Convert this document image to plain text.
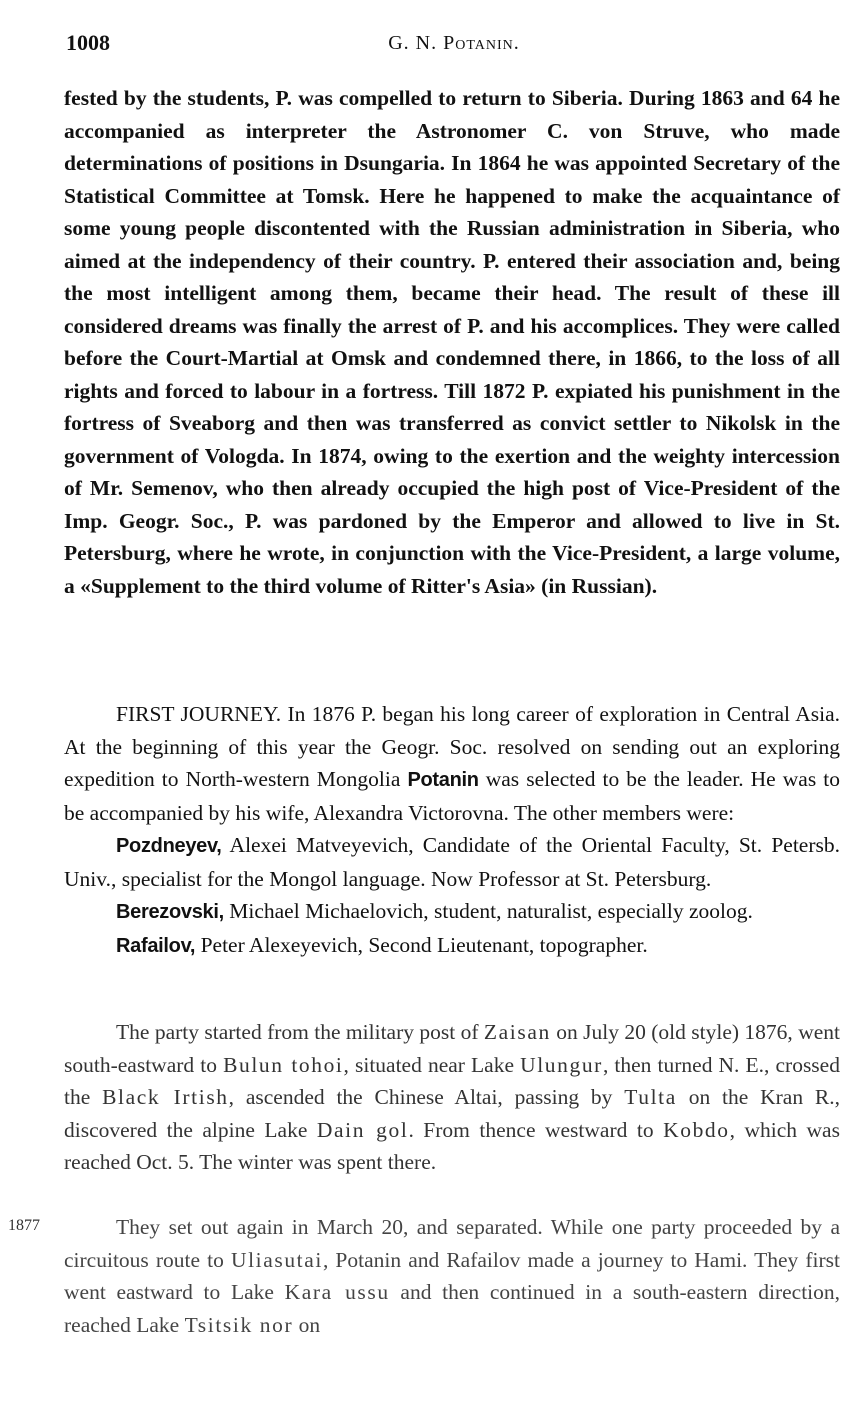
1008	G. N. Potanin.

fested by the students, P. was compelled to return to Siberia. During 1863 and 64 he accompanied as interpreter the Astronomer C. von Struve, who made determinations of positions in Dsungaria. In 1864 he was appointed Secretary of the Statistical Committee at Tomsk. Here he happened to make the acquaintance of some young people discontented with the Russian administration in Siberia, who aimed at the independency of their country. P. entered their association and, being the most intelligent among them, became their head. The result of these ill considered dreams was finally the arrest of P. and his accomplices. They were called before the Court-Martial at Omsk and condemned there, in 1866, to the loss of all rights and forced to labour in a fortress. Till 1872 P. expiated his punishment in the fortress of Sveaborg and then was transferred as convict settler to Nikolsk in the government of Vologda. In 1874, owing to the exertion and the weighty intercession of Mr. Semenov, who then already occupied the high post of Vice-President of the Imp. Geogr. Soc., P. was pardoned by the Emperor and allowed to live in St. Petersburg, where he wrote, in conjunction with the Vice-President, a large volume, a «Supplement to the third volume of Ritter's Asia» (in Russian).

FIRST JOURNEY. In 1876 P. began his long career of exploration in Central Asia. At the beginning of this year the Geogr. Soc. resolved on sending out an exploring expedition to North-western Mongolia Potanin was selected to be the leader. He was to be accompanied by his wife, Alexandra Victorovna. The other members were:

Pozdneyev, Alexei Matveyevich, Candidate of the Oriental Faculty, St. Petersb. Univ., specialist for the Mongol language. Now Professor at St. Petersburg.

Berezovski, Michael Michaelovich, student, naturalist, especially zoolog.

Rafailov, Peter Alexeyevich, Second Lieutenant, topographer.

The party started from the military post of Zaisan on July 20 (old style) 1876, went south-eastward to Bulun tohoi, situated near Lake Ulungur, then turned N. E., crossed the Black Irtish, ascended the Chinese Altai, passing by Tulta on the Kran R., discovered the alpine Lake Dain gol. From thence westward to Kobdo, which was reached Oct. 5. The winter was spent there.

1877	They set out again in March 20, and separated. While one party proceeded by a circuitous route to Uliasutai, Potanin and Rafailov made a journey to Hami. They first went eastward to Lake Kara ussu and then continued in a south-eastern direction, reached Lake Tsitsik nor on
